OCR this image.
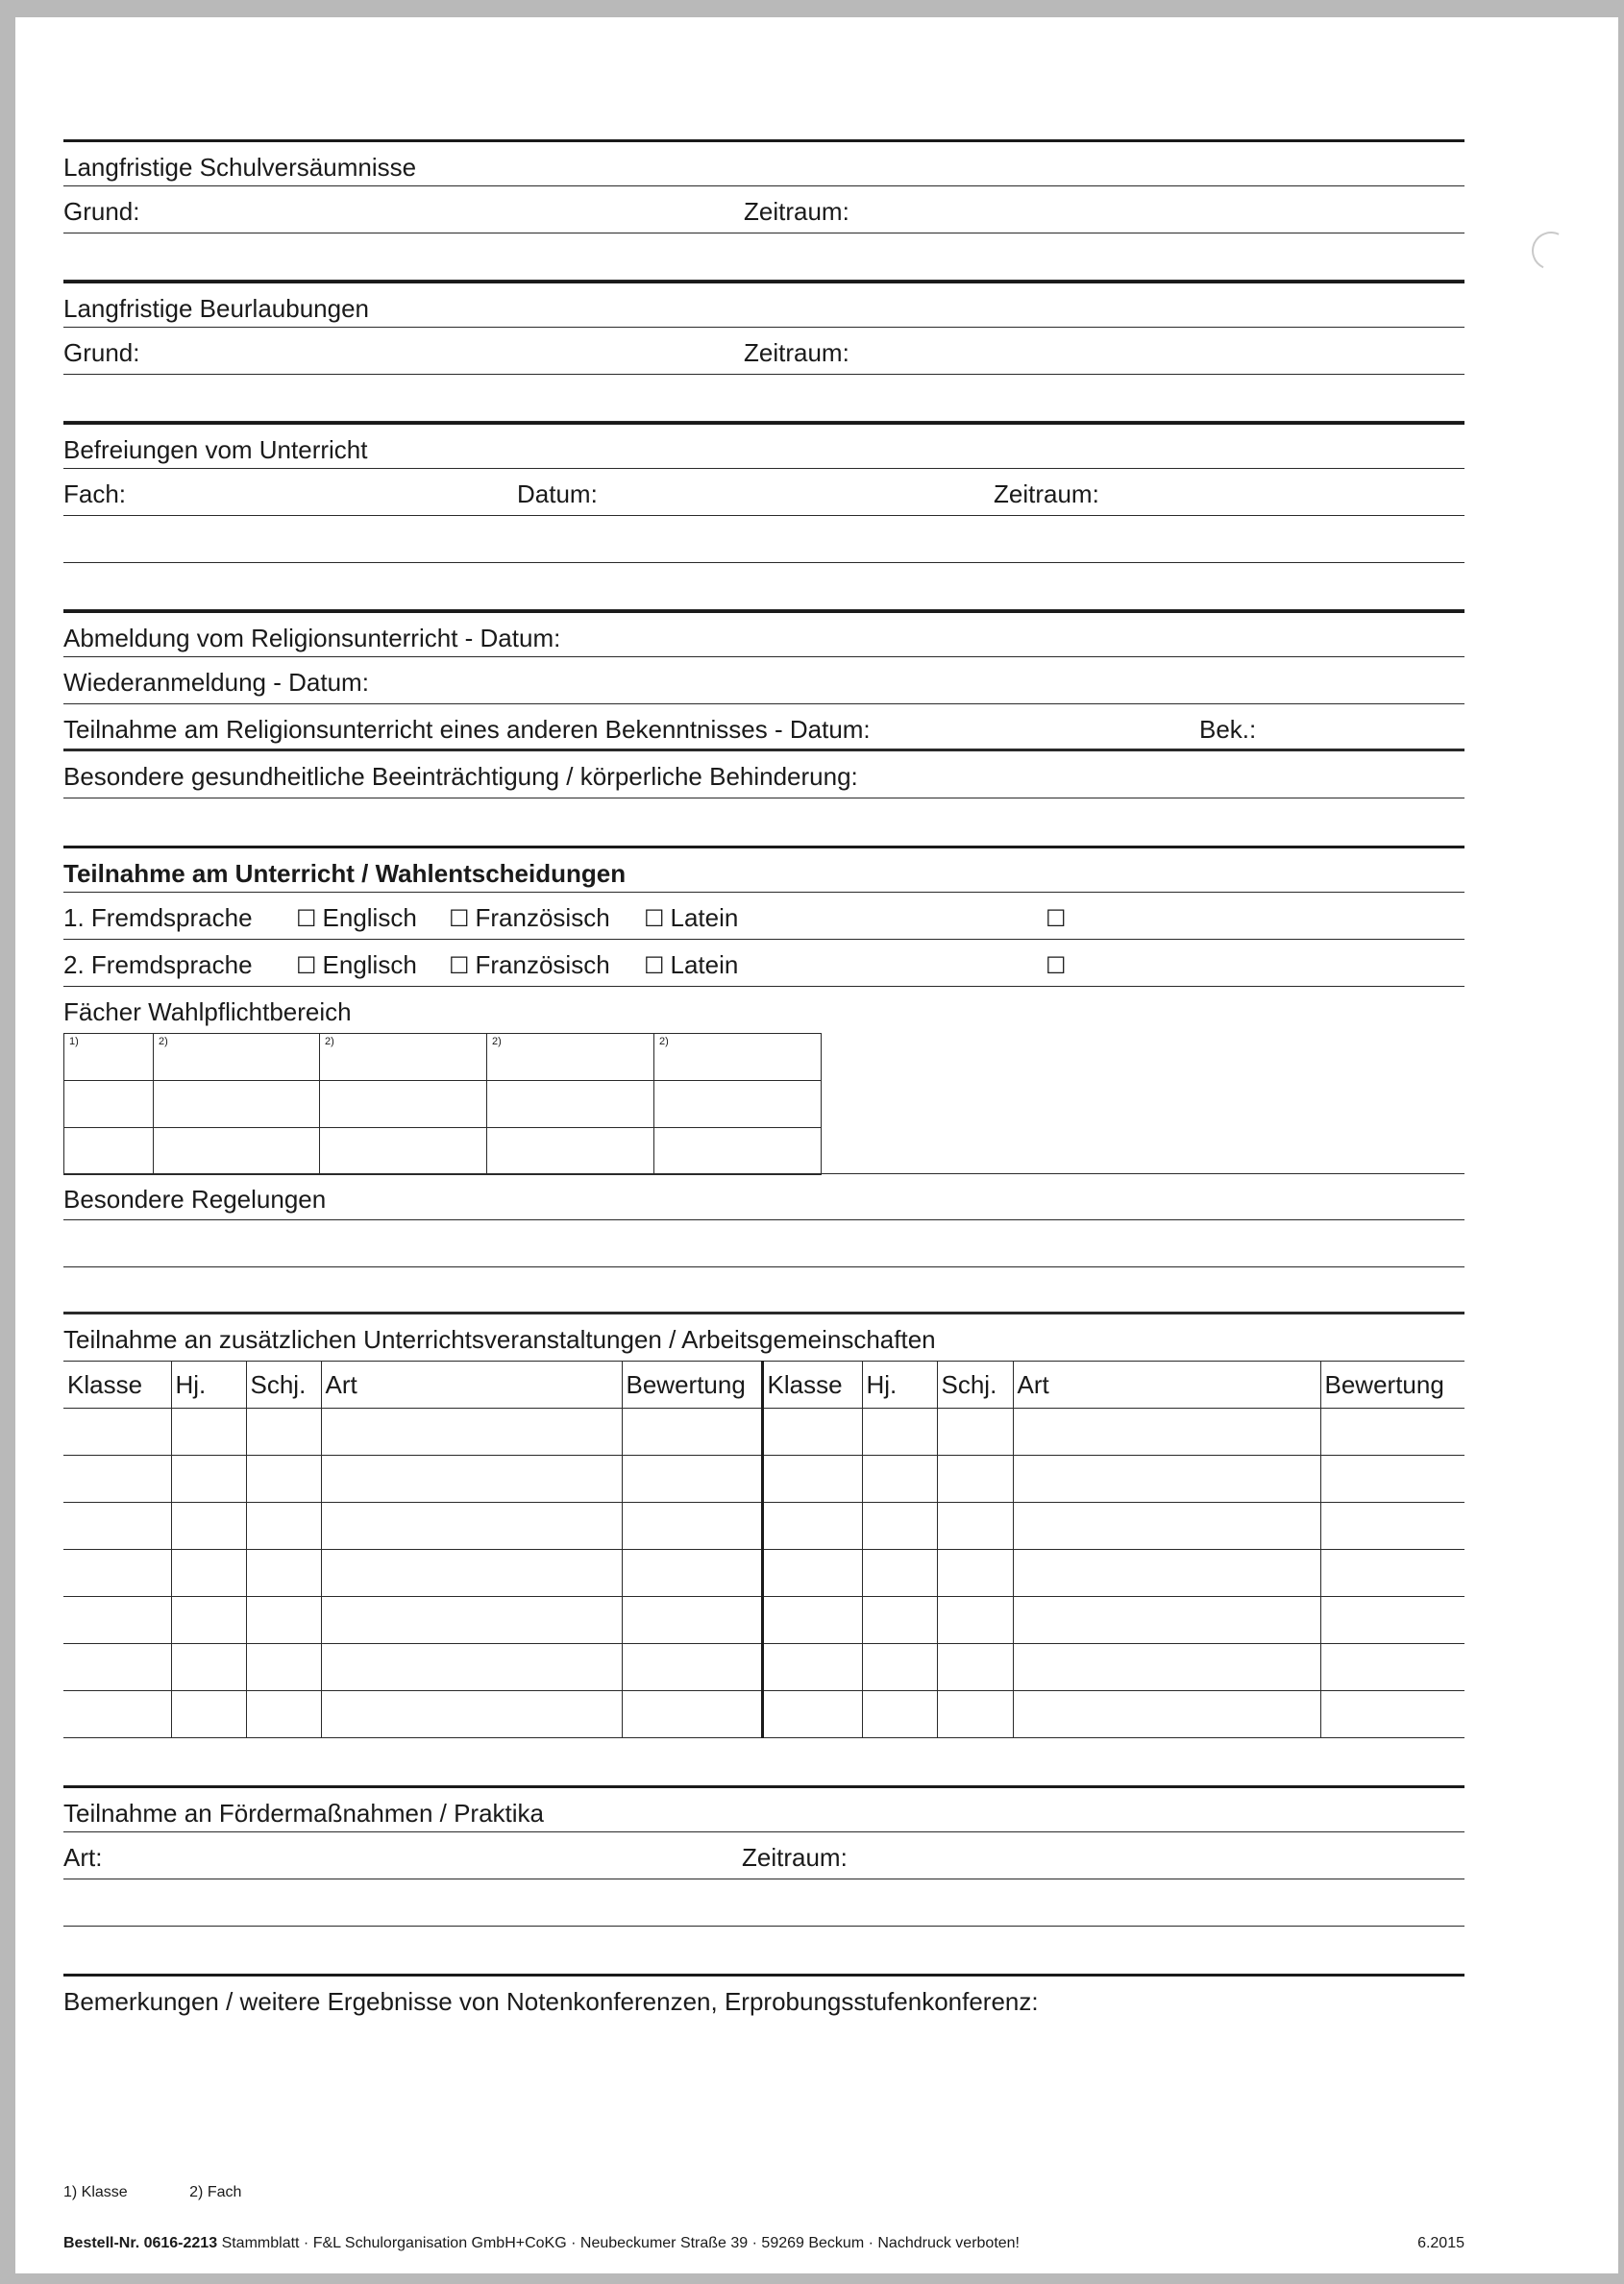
Langfristige Schulversäumnisse
Grund:	Zeitraum:
Langfristige Beurlaubungen
Grund:	Zeitraum:
Befreiungen vom Unterricht
Fach:	Datum:	Zeitraum:
Abmeldung vom Religionsunterricht - Datum:
Wiederanmeldung - Datum:
Teilnahme am Religionsunterricht eines anderen Bekenntnisses - Datum:	Bek.:
Besondere gesundheitliche Beeinträchtigung / körperliche Behinderung:
Teilnahme am Unterricht / Wahlentscheidungen
1. Fremdsprache ☐ Englisch ☐ Französisch ☐ Latein	☐
2. Fremdsprache ☐ Englisch ☐ Französisch ☐ Latein	☐
Fächer Wahlpflichtbereich
1)	2)	2)	2)	2)

Besondere Regelungen
Teilnahme an zusätzlichen Unterrichtsveranstaltungen / Arbeitsgemeinschaften
Klasse	Hj.	Schj.	Art	Bewertung	Klasse	Hj.	Schj.	Art	Bewertung

Teilnahme an Fördermaßnahmen / Praktika
Art:	Zeitraum:
Bemerkungen / weitere Ergebnisse von Notenkonferenzen, Erprobungsstufenkonferenz:
1) Klasse	2) Fach
Bestell-Nr. 0616-2213 Stammblatt · F&L Schulorganisation GmbH+CoKG · Neubeckumer Straße 39 · 59269 Beckum · Nachdruck verboten!	6.2015
